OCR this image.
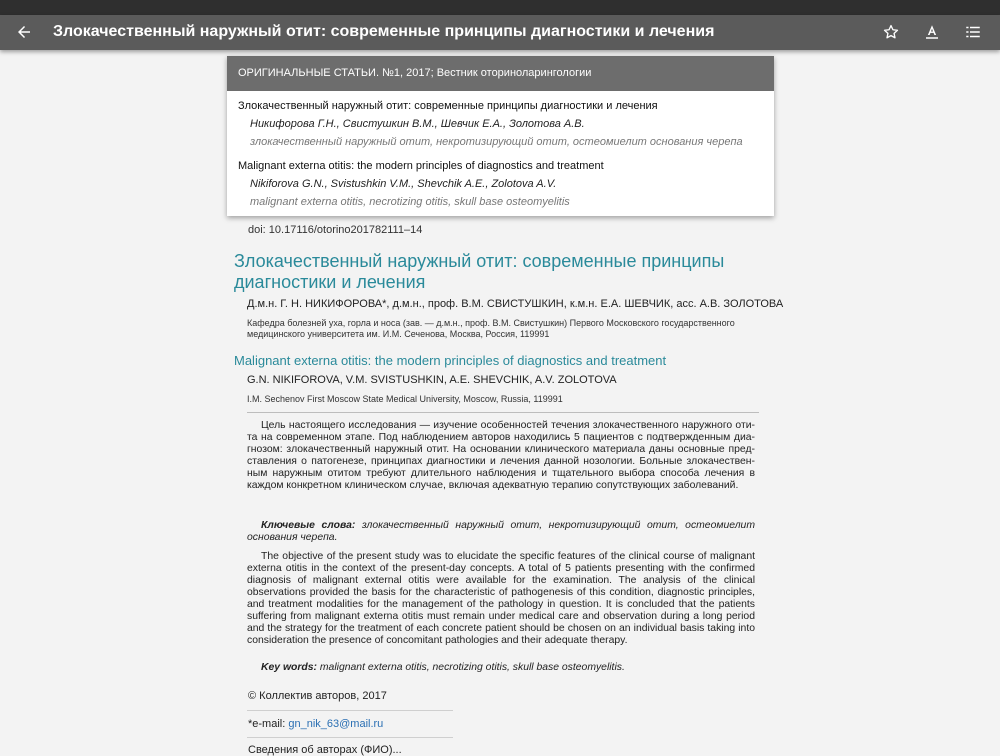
Злокачественный наружный отит: современные принципы диагностики и лечения
ОРИГИНАЛЬНЫЕ СТАТЬИ. №1, 2017; Вестник оториноларингологии
Злокачественный наружный отит: современные принципы диагностики и лечения
Никифорова Г.Н., Свистушкин В.М., Шевчик Е.А., Золотова А.В.
злокачественный наружный отит, некротизирующий отит, остеомиелит основания черепа
Malignant externa otitis: the modern principles of diagnostics and treatment
Nikiforova G.N., Svistushkin V.M., Shevchik A.E., Zolotova A.V.
malignant externa otitis, necrotizing otitis, skull base osteomyelitis
doi: 10.17116/otorino201782111–14
Злокачественный наружный отит: современные принципы диагностики и лечения
Д.м.н. Г. Н. НИКИФОРОВА*, д.м.н., проф. В.М. СВИСТУШКИН, к.м.н. Е.А. ШЕВЧИК, асс. А.В. ЗОЛОТОВА
Кафедра болезней уха, горла и носа (зав. — д.м.н., проф. В.М. Свистушкин) Первого Московского государственного медицинского университета им. И.М. Сеченова, Москва, Россия, 119991
Malignant externa otitis: the modern principles of diagnostics and treatment
G.N. NIKIFOROVA, V.M. SVISTUSHKIN, A.E. SHEVCHIK, A.V. ZOLOTOVA
I.M. Sechenov First Moscow State Medical University, Moscow, Russia, 119991
Цель настоящего исследования — изучение особенностей течения злокачественного наружного отита на современном этапе. Под наблюдением авторов находились 5 пациентов с подтвержденным диагнозом: злокачественный наружный отит. На основании клинического материала даны основные представления о патогенезе, принципах диагностики и лечения данной нозологии. Больные злокачественным наружным отитом требуют длительного наблюдения и тщательного выбора способа лечения в каждом конкретном клиническом случае, включая адекватную терапию сопутствующих заболеваний.
Ключевые слова: злокачественный наружный отит, некротизирующий отит, остеомиелит основания черепа.
The objective of the present study was to elucidate the specific features of the clinical course of malignant externa otitis in the context of the present-day concepts. A total of 5 patients presenting with the confirmed diagnosis of malignant external otitis were available for the examination. The analysis of the clinical observations provided the basis for the characteristic of pathogenesis of this condition, diagnostic principles, and treatment modalities for the management of the pathology in question. It is concluded that the patients suffering from malignant externa otitis must remain under medical care and observation during a long period and the strategy for the treatment of each concrete patient should be chosen on an individual basis taking into consideration the presence of concomitant pathologies and their adequate therapy.
Key words: malignant externa otitis, necrotizing otitis, skull base osteomyelitis.
© Коллектив авторов, 2017
*e-mail: gn_nik_63@mail.ru
Сведения об авторах (ФИО)...
